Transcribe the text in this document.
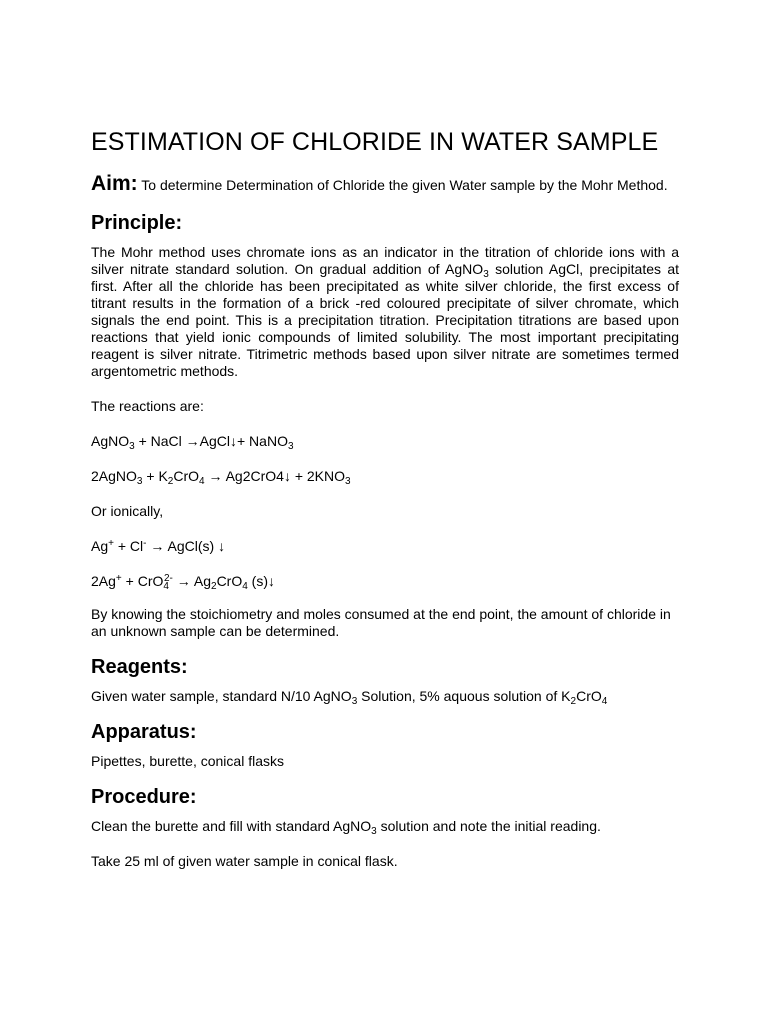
ESTIMATION OF CHLORIDE IN WATER SAMPLE
Aim: To determine Determination of Chloride the given Water sample by the Mohr Method.
Principle:

The Mohr method uses chromate ions as an indicator in the titration of chloride ions with a silver nitrate standard solution. On gradual addition of AgNO$_3$ solution AgCl, precipitates at first. After all the chloride has been precipitated as white silver chloride, the first excess of titrant results in the formation of a brick -red coloured precipitate of silver chromate, which signals the end point. This is a precipitation titration. Precipitation titrations are based upon reactions that yield ionic compounds of limited solubility. The most important precipitating reagent is silver nitrate. Titrimetric methods based upon silver nitrate are sometimes termed argentometric methods.

The reactions are:

AgNO$_3$ + NaCl →AgCl↓+ NaNO$_3$

2AgNO$_3$ + $K_2CrO_4$ → Ag2CrO4↓ + $2KNO_3$

Or ionically,

Ag+ + Cl- → AgCl(s) ↓

$2Ag^+ + CrO_4^{2-} \to Ag_2CrO_4$ (s)↓

By knowing the stoichiometry and moles consumed at the end point, the amount of chloride in an unknown sample can be determined.

Reagents:

Given water sample, standard N/10 AgNO$_3$ Solution, 5% aquous solution of $K_2CrO_4$

Apparatus:

Pipettes, burette, conical flasks

Procedure:

Clean the burette and fill with standard AgNO$_3$ solution and note the initial reading.

Take 25 ml of given water sample in conical flask.
